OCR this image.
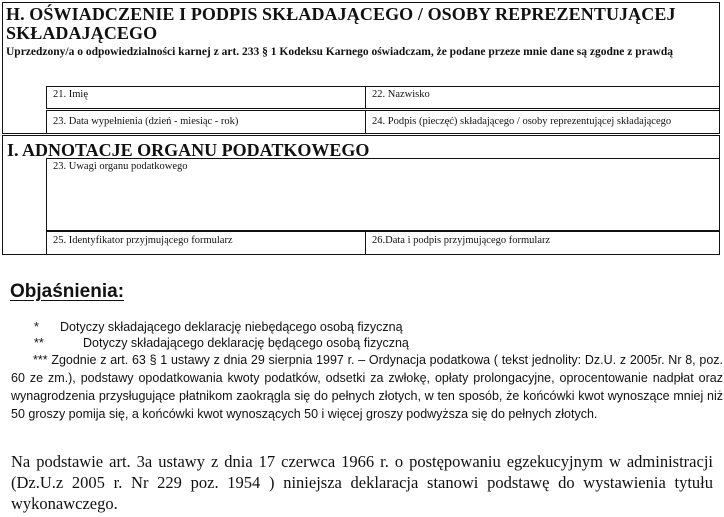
H. OŚWIADCZENIE I PODPIS SKŁADAJĄCEGO / OSOBY REPREZENTUJĄCEJ SKŁADAJĄCEGO
Uprzedzony/a o odpowiedzialności karnej z art. 233 § 1 Kodeksu Karnego oświadczam, że podane przeze mnie dane są zgodne z prawdą
21. Imię	22. Nazwisko
23. Data wypełnienia (dzień - miesiąc - rok)	24. Podpis (pieczęć) składającego / osoby reprezentującej składającego
I. ADNOTACJE ORGANU PODATKOWEGO
23. Uwagi organu podatkowego
25. Identyfikator przyjmującego formularz	26.Data i podpis przyjmującego formularz
Objaśnienia:
* Dotyczy składającego deklarację niebędącego osobą fizyczną
**	Dotyczy składającego deklarację będącego osobą fizyczną
*** Zgodnie z art. 63 § 1 ustawy z dnia 29 sierpnia 1997 r. – Ordynacja podatkowa ( tekst jednolity: Dz.U. z 2005r. Nr 8, poz. 60 ze zm.), podstawy opodatkowania kwoty podatków, odsetki za zwłokę, opłaty prolongacyjne, oprocentowanie nadpłat oraz wynagrodzenia przysługujące płatnikom zaokrągla się do pełnych złotych, w ten sposób, że końcówki kwot wynoszące mniej niż 50 groszy pomija się, a końcówki kwot wynoszących 50 i więcej groszy podwyższa się do pełnych złotych.
Na podstawie art. 3a ustawy z dnia 17 czerwca 1966 r. o postępowaniu egzekucyjnym w administracji (Dz.U.z 2005 r. Nr 229 poz. 1954 ) niniejsza deklaracja stanowi podstawę do wystawienia tytułu wykonawczego.
